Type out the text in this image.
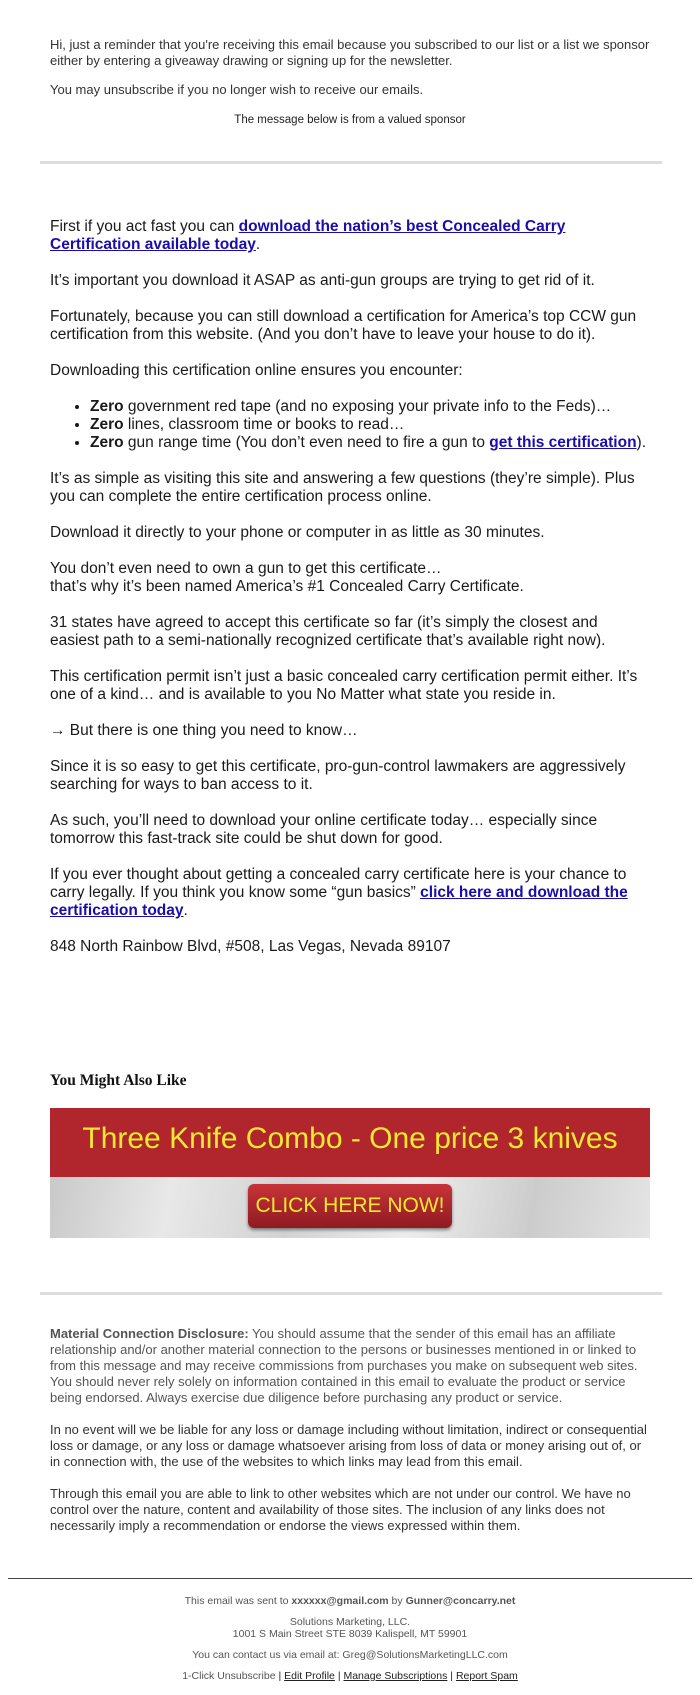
Hi, just a reminder that you're receiving this email because you subscribed to our list or a list we sponsor either by entering a giveaway drawing or signing up for the newsletter.

You may unsubscribe if you no longer wish to receive our emails.

The message below is from a valued sponsor

First if you act fast you can download the nation’s best Concealed Carry Certification available today.

It’s important you download it ASAP as anti-gun groups are trying to get rid of it.

Fortunately, because you can still download a certification for America’s top CCW gun certification from this website. (And you don’t have to leave your house to do it).

Downloading this certification online ensures you encounter:

• Zero government red tape (and no exposing your private info to the Feds)…
• Zero lines, classroom time or books to read…
• Zero gun range time (You don’t even need to fire a gun to get this certification).

It’s as simple as visiting this site and answering a few questions (they’re simple). Plus you can complete the entire certification process online.

Download it directly to your phone or computer in as little as 30 minutes.

You don’t even need to own a gun to get this certificate…
that’s why it’s been named America’s #1 Concealed Carry Certificate.

31 states have agreed to accept this certificate so far (it’s simply the closest and easiest path to a semi-nationally recognized certificate that’s available right now).

This certification permit isn’t just a basic concealed carry certification permit either. It’s one of a kind… and is available to you No Matter what state you reside in.

→ But there is one thing you need to know…

Since it is so easy to get this certificate, pro-gun-control lawmakers are aggressively searching for ways to ban access to it.

As such, you’ll need to download your online certificate today… especially since tomorrow this fast-track site could be shut down for good.

If you ever thought about getting a concealed carry certificate here is your chance to carry legally. If you think you know some “gun basics” click here and download the certification today.

848 North Rainbow Blvd, #508, Las Vegas, Nevada 89107

You Might Also Like
Three Knife Combo - One price 3 knives
CLICK HERE NOW!

Material Connection Disclosure: You should assume that the sender of this email has an affiliate relationship and/or another material connection to the persons or businesses mentioned in or linked to from this message and may receive commissions from purchases you make on subsequent web sites. You should never rely solely on information contained in this email to evaluate the product or service being endorsed. Always exercise due diligence before purchasing any product or service.

In no event will we be liable for any loss or damage including without limitation, indirect or consequential loss or damage, or any loss or damage whatsoever arising from loss of data or money arising out of, or in connection with, the use of the websites to which links may lead from this email.

Through this email you are able to link to other websites which are not under our control. We have no control over the nature, content and availability of those sites. The inclusion of any links does not necessarily imply a recommendation or endorse the views expressed within them.

This email was sent to xxxxxx@gmail.com by Gunner@concarry.net

Solutions Marketing, LLC.
1001 S Main Street STE 8039 Kalispell, MT 59901

You can contact us via email at: Greg@SolutionsMarketingLLC.com

1-Click Unsubscribe | Edit Profile | Manage Subscriptions | Report Spam
